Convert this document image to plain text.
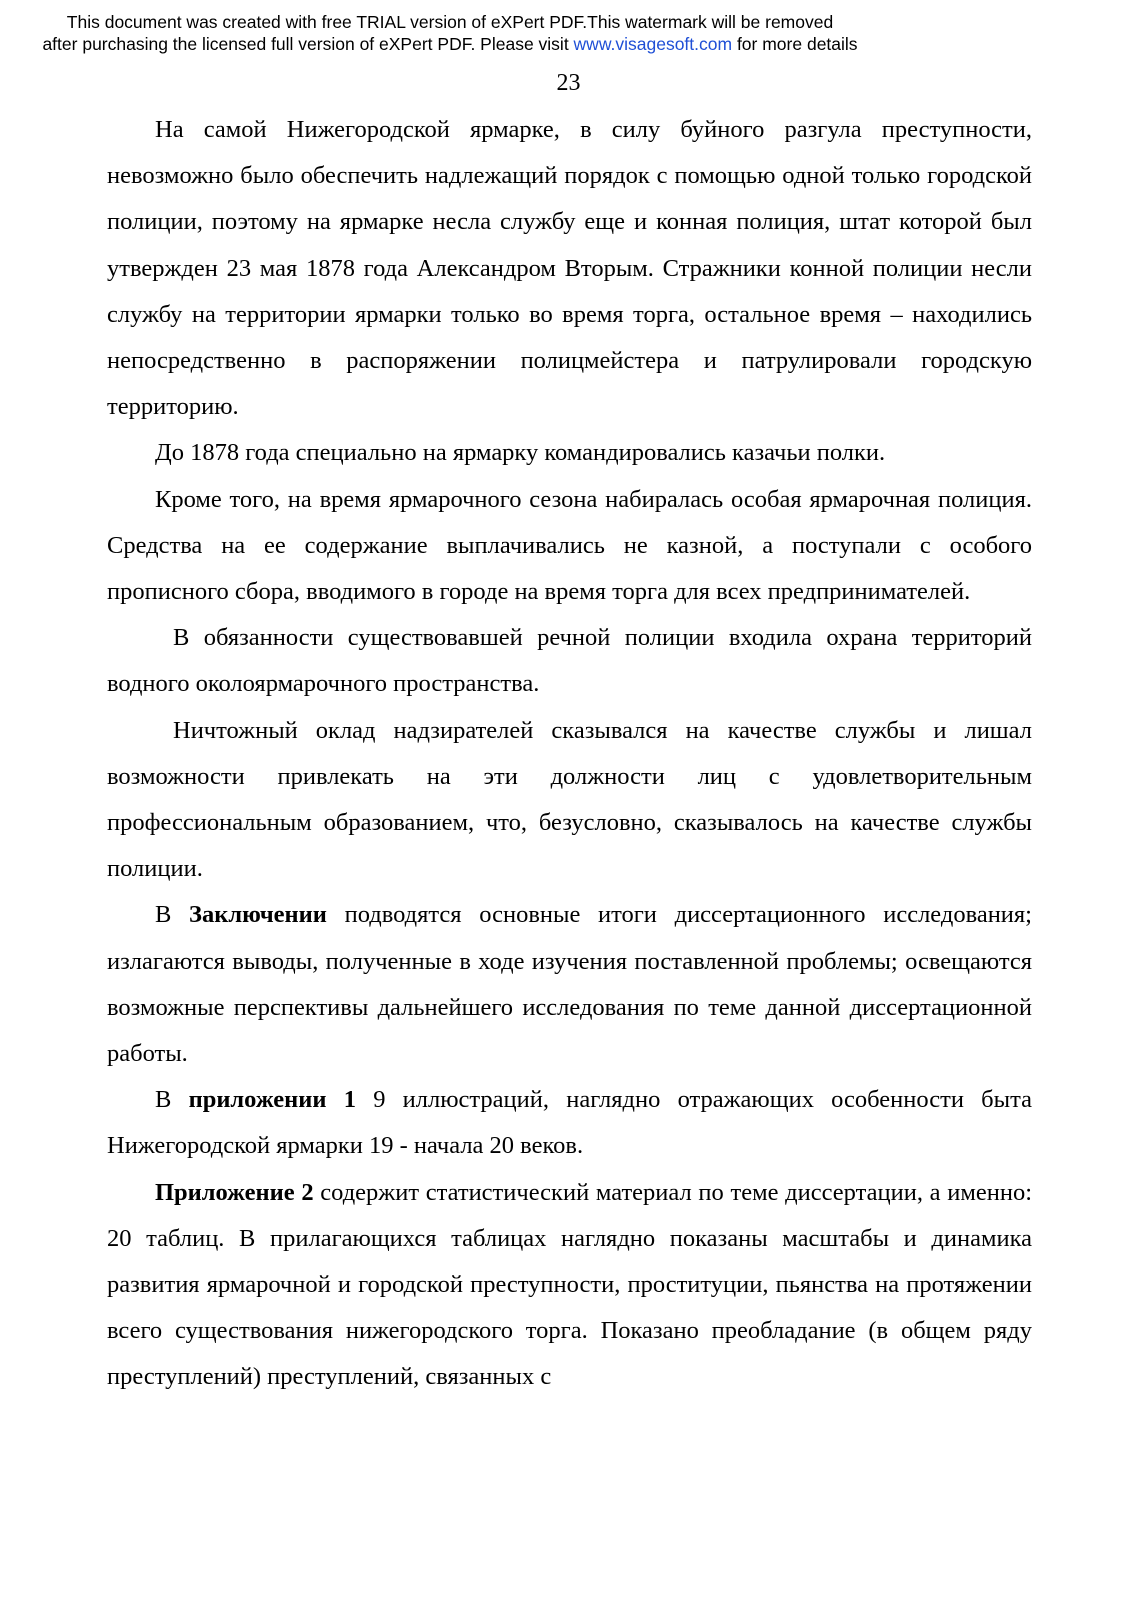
This document was created with free TRIAL version of eXPert PDF.This watermark will be removed
after purchasing the licensed full version of eXPert PDF. Please visit www.visagesoft.com for more details
23

На самой Нижегородской ярмарке, в силу буйного разгула преступности, невозможно было обеспечить надлежащий порядок с помощью одной только городской полиции, поэтому на ярмарке несла службу еще и конная полиция, штат которой был утвержден 23 мая 1878 года Александром Вторым. Стражники конной полиции несли службу на территории ярмарки только во время торга, остальное время – находились непосредственно в распоряжении полицмейстера и патрулировали городскую территорию.

До 1878 года специально на ярмарку командировались казачьи полки.

Кроме того, на время ярмарочного сезона набиралась особая ярмарочная полиция. Средства на ее содержание выплачивались не казной, а поступали с особого прописного сбора, вводимого в городе на время торга для всех предпринимателей.

В обязанности существовавшей речной полиции входила охрана территорий водного околоярмарочного пространства.

Ничтожный оклад надзирателей сказывался на качестве службы и лишал возможности привлекать на эти должности лиц с удовлетворительным профессиональным образованием, что, безусловно, сказывалось на качестве службы полиции.

В Заключении подводятся основные итоги диссертационного исследования; излагаются выводы, полученные в ходе изучения поставленной проблемы; освещаются возможные перспективы дальнейшего исследования по теме данной диссертационной работы.

В приложении 1 9 иллюстраций, наглядно отражающих особенности быта Нижегородской ярмарки 19 - начала 20 веков.

Приложение 2 содержит статистический материал по теме диссертации, а именно: 20 таблиц. В прилагающихся таблицах наглядно показаны масштабы и динамика развития ярмарочной и городской преступности, проституции, пьянства на протяжении всего существования нижегородского торга. Показано преобладание (в общем ряду преступлений) преступлений, связанных с
